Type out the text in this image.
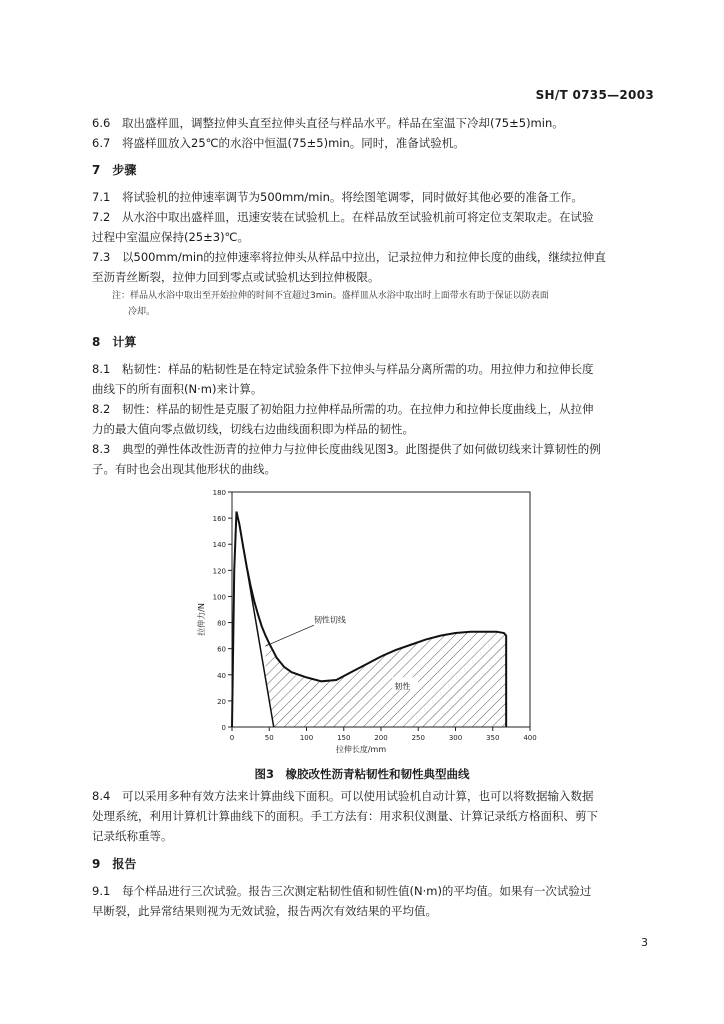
SH/T 0735—2003
6.6 取出盛样皿，调整拉伸头直至拉伸头直径与样品水平。样品在室温下冷却(75±5)min。
6.7 将盛样皿放入25℃的水浴中恒温(75±5)min。同时，准备试验机。
7　步骤
7.1 将试验机的拉伸速率调节为500mm/min。将绘图笔调零，同时做好其他必要的准备工作。
7.2 从水浴中取出盛样皿，迅速安装在试验机上。在样品放至试验机前可将定位支架取走。在试验
过程中室温应保持(25±3)℃。
7.3 以500mm/min的拉伸速率将拉伸头从样品中拉出，记录拉伸力和拉伸长度的曲线，继续拉伸直
至沥青丝断裂，拉伸力回到零点或试验机达到拉伸极限。
注：样品从水浴中取出至开始拉伸的时间不宜超过3min。盛样皿从水浴中取出时上面带水有助于保证以防表面
冷却。
8　计算
8.1 粘韧性：样品的粘韧性是在特定试验条件下拉伸头与样品分离所需的功。用拉伸力和拉伸长度
曲线下的所有面积(N·m)来计算。
8.2 韧性：样品的韧性是克服了初始阻力拉伸样品所需的功。在拉伸力和拉伸长度曲线上，从拉伸
力的最大值向零点做切线，切线右边曲线面积即为样品的韧性。
8.3 典型的弹性体改性沥青的拉伸力与拉伸长度曲线见图3。此图提供了如何做切线来计算韧性的例
子。有时也会出现其他形状的曲线。
0
20
40
60
80
100
120
140
160
180
0	50	100	150	200	250	300	350	400
拉伸长度/mm
拉伸力/N	韧性切线
韧性
图3　橡胶改性沥青粘韧性和韧性典型曲线
8.4 可以采用多种有效方法来计算曲线下面积。可以使用试验机自动计算，也可以将数据输入数据
处理系统，利用计算机计算曲线下的面积。手工方法有：用求积仪测量、计算记录纸方格面积、剪下
记录纸称重等。
9　报告
9.1 每个样品进行三次试验。报告三次测定粘韧性值和韧性值(N·m)的平均值。如果有一次试验过
早断裂，此异常结果则视为无效试验，报告两次有效结果的平均值。
3
